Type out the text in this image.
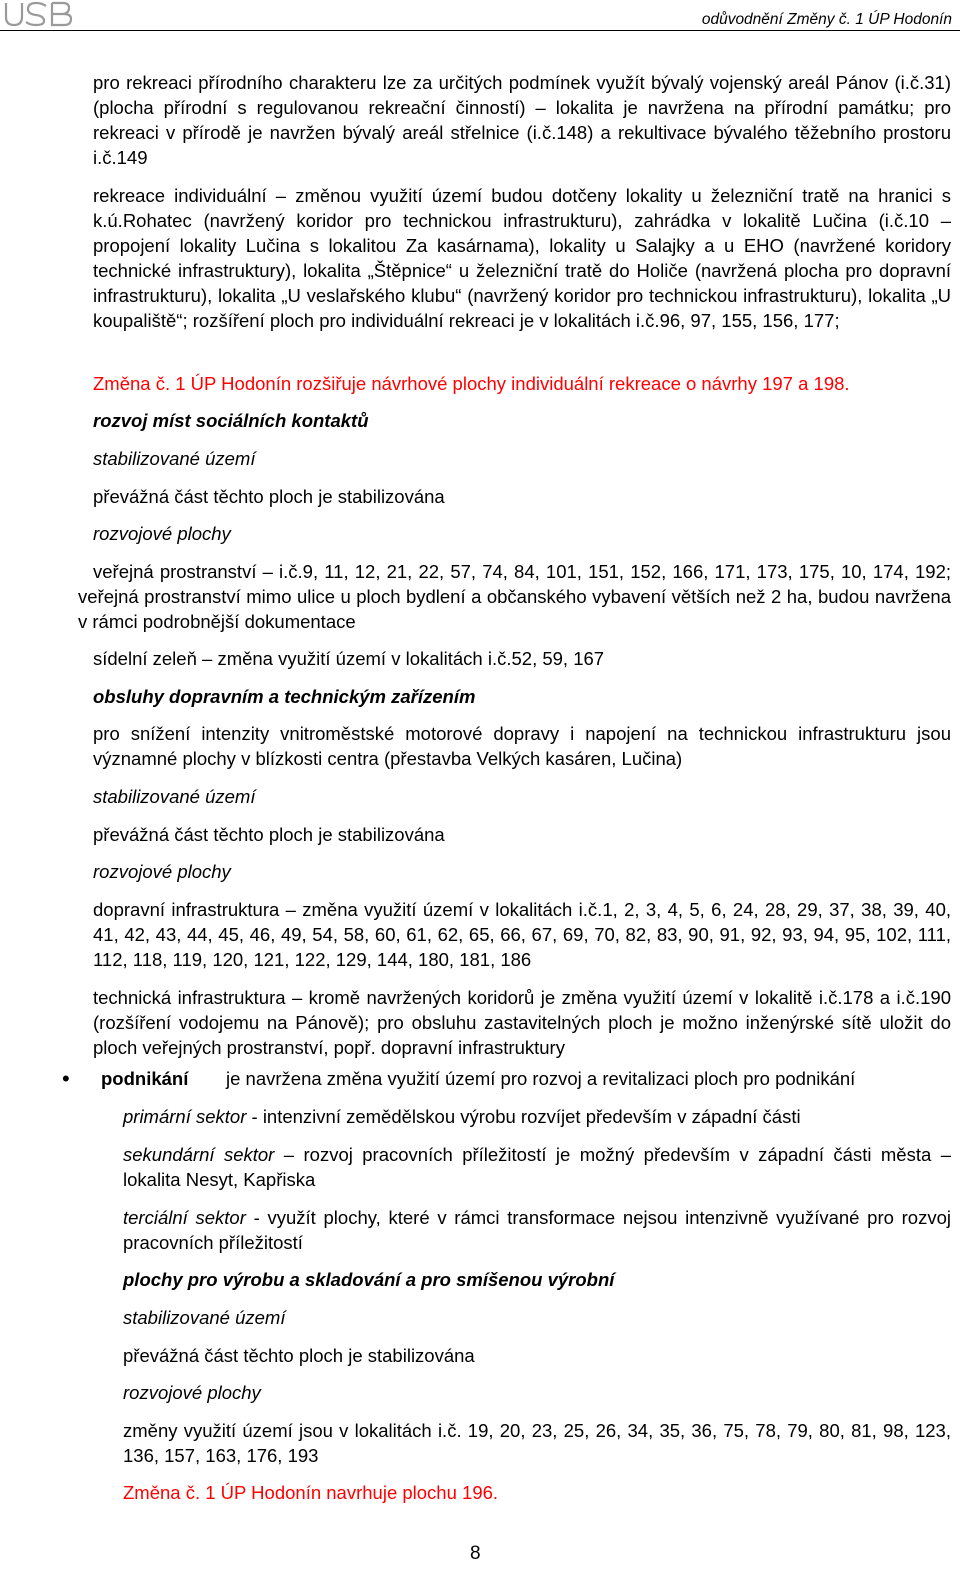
odůvodnění Změny č. 1 ÚP Hodonín

pro rekreaci přírodního charakteru lze za určitých podmínek využít bývalý vojenský areál Pánov (i.č.31) (plocha přírodní s regulovanou rekreační činností) – lokalita je navržena na přírodní památku; pro rekreaci v přírodě je navržen bývalý areál střelnice (i.č.148) a rekultivace bývalého těžebního prostoru i.č.149

rekreace individuální – změnou využití území budou dotčeny lokality u železniční tratě na hranici s k.ú.Rohatec (navržený koridor pro technickou infrastrukturu), zahrádka v lokalitě Lučina (i.č.10 – propojení lokality Lučina s lokalitou Za kasárnama), lokality u Salajky a u EHO (navržené koridory technické infrastruktury), lokalita „Štěpnice“ u železniční tratě do Holiče (navržená plocha pro dopravní infrastrukturu), lokalita „U veslařského klubu“ (navržený koridor pro technickou infrastrukturu), lokalita „U koupaliště“; rozšíření ploch pro individuální rekreaci je v lokalitách i.č.96, 97, 155, 156, 177;

Změna č. 1 ÚP Hodonín rozšiřuje návrhové plochy individuální rekreace o návrhy 197 a 198.

rozvoj míst sociálních kontaktů

stabilizované území

převážná část těchto ploch je stabilizována

rozvojové plochy

veřejná prostranství – i.č.9, 11, 12, 21, 22, 57, 74, 84, 101, 151, 152, 166, 171, 173, 175, 10, 174, 192; veřejná prostranství mimo ulice u ploch bydlení a občanského vybavení větších než 2 ha, budou navržena v rámci podrobnější dokumentace

sídelní zeleň – změna využití území v lokalitách i.č.52, 59, 167

obsluhy dopravním a technickým zařízením

pro snížení intenzity vnitroměstské motorové dopravy i napojení na technickou infrastrukturu jsou významné plochy v blízkosti centra (přestavba Velkých kasáren, Lučina)

stabilizované území

převážná část těchto ploch je stabilizována

rozvojové plochy

dopravní infrastruktura – změna využití území v lokalitách i.č.1, 2, 3, 4, 5, 6, 24, 28, 29, 37, 38, 39, 40, 41, 42, 43, 44, 45, 46, 49, 54, 58, 60, 61, 62, 65, 66, 67, 69, 70, 82, 83, 90, 91, 92, 93, 94, 95, 102, 111, 112, 118, 119, 120, 121, 122, 129, 144, 180, 181, 186

technická infrastruktura – kromě navržených koridorů je změna využití území v lokalitě i.č.178 a i.č.190 (rozšíření vodojemu na Pánově); pro obsluhu zastavitelných ploch je možno inženýrské sítě uložit do ploch veřejných prostranství, popř. dopravní infrastruktury

• podnikání je navržena změna využití území pro rozvoj a revitalizaci ploch pro podnikání

primární sektor - intenzivní zemědělskou výrobu rozvíjet především v západní části

sekundární sektor – rozvoj pracovních příležitostí je možný především v západní části města – lokalita Nesyt, Kapřiska

terciální sektor - využít plochy, které v rámci transformace nejsou intenzivně využívané pro rozvoj pracovních příležitostí

plochy pro výrobu a skladování a pro smíšenou výrobní

stabilizované území

převážná část těchto ploch je stabilizována

rozvojové plochy

změny využití území jsou v lokalitách i.č. 19, 20, 23, 25, 26, 34, 35, 36, 75, 78, 79, 80, 81, 98, 123, 136, 157, 163, 176, 193

Změna č. 1 ÚP Hodonín navrhuje plochu 196.

8
